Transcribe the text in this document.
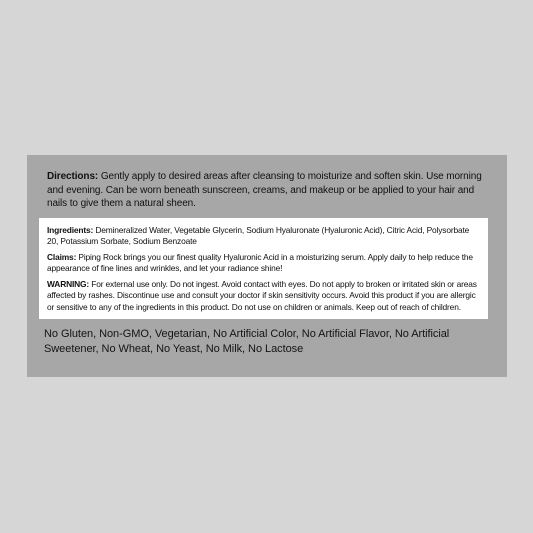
Directions: Gently apply to desired areas after cleansing to moisturize and soften skin. Use morning and evening. Can be worn beneath sunscreen, creams, and makeup or be applied to your hair and nails to give them a natural sheen.

Ingredients: Demineralized Water, Vegetable Glycerin, Sodium Hyaluronate (Hyaluronic Acid), Citric Acid, Polysorbate 20, Potassium Sorbate, Sodium Benzoate

Claims: Piping Rock brings you our finest quality Hyaluronic Acid in a moisturizing serum. Apply daily to help reduce the appearance of fine lines and wrinkles, and let your radiance shine!

WARNING: For external use only. Do not ingest. Avoid contact with eyes. Do not apply to broken or irritated skin or areas affected by rashes. Discontinue use and consult your doctor if skin sensitivity occurs. Avoid this product if you are allergic or sensitive to any of the ingredients in this product. Do not use on children or animals. Keep out of reach of children.

No Gluten, Non-GMO, Vegetarian, No Artificial Color, No Artificial Flavor, No Artificial Sweetener, No Wheat, No Yeast, No Milk, No Lactose
